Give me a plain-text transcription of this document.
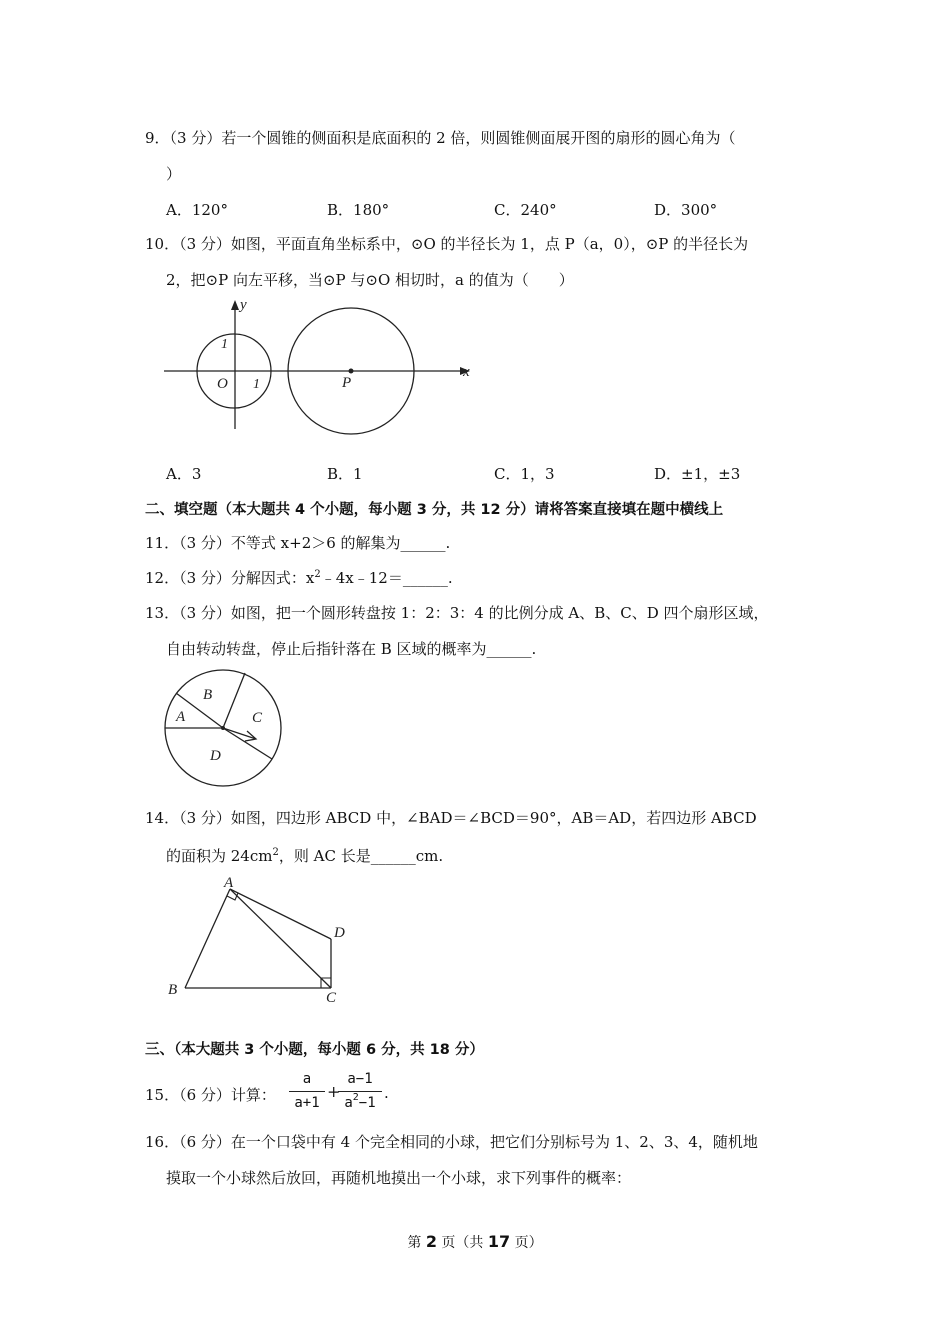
9．（3 分）若一个圆锥的侧面积是底面积的 2 倍，则圆锥侧面展开图的扇形的圆心角为（
）
A．120°	B．180°	C．240°	D．300°
10．（3 分）如图，平面直角坐标系中，⊙O 的半径长为 1，点 P（a，0），⊙P 的半径长为
2，把⊙P 向左平移，当⊙P 与⊙O 相切时，a 的值为（　　）
y
x
1
O 1	P
A．3	B．1	C．1，3	D．±1，±3
二、填空题（本大题共 4 个小题，每小题 3 分，共 12 分）请将答案直接填在题中横线上
11．（3 分）不等式 x+2＞6 的解集为______.
12．（3 分）分解因式：$x^2﹣4x﹣12=\_\_\_\_\_\_$.
13．（3 分）如图，把一个圆形转盘按 1：2：3：4 的比例分成 A、B、C、D 四个扇形区域，
自由转动转盘，停止后指针落在 B 区域的概率为______.
A
B
C
D
14．（3 分）如图，四边形 ABCD 中，∠BAD＝∠BCD＝90°，AB＝AD，若四边形 ABCD
的面积为 $24cm^2$，则 AC 长是______cm.
A
B	C
D
三、（本大题共 3 个小题，每小题 6 分，共 18 分）
15．（6 分）计算：
a
a+1
+
a−1
$a^2-1$
.
16．（6 分）在一个口袋中有 4 个完全相同的小球，把它们分别标号为 1、2、3、4，随机地
摸取一个小球然后放回，再随机地摸出一个小球，求下列事件的概率：
第 2 页（共 17 页）
